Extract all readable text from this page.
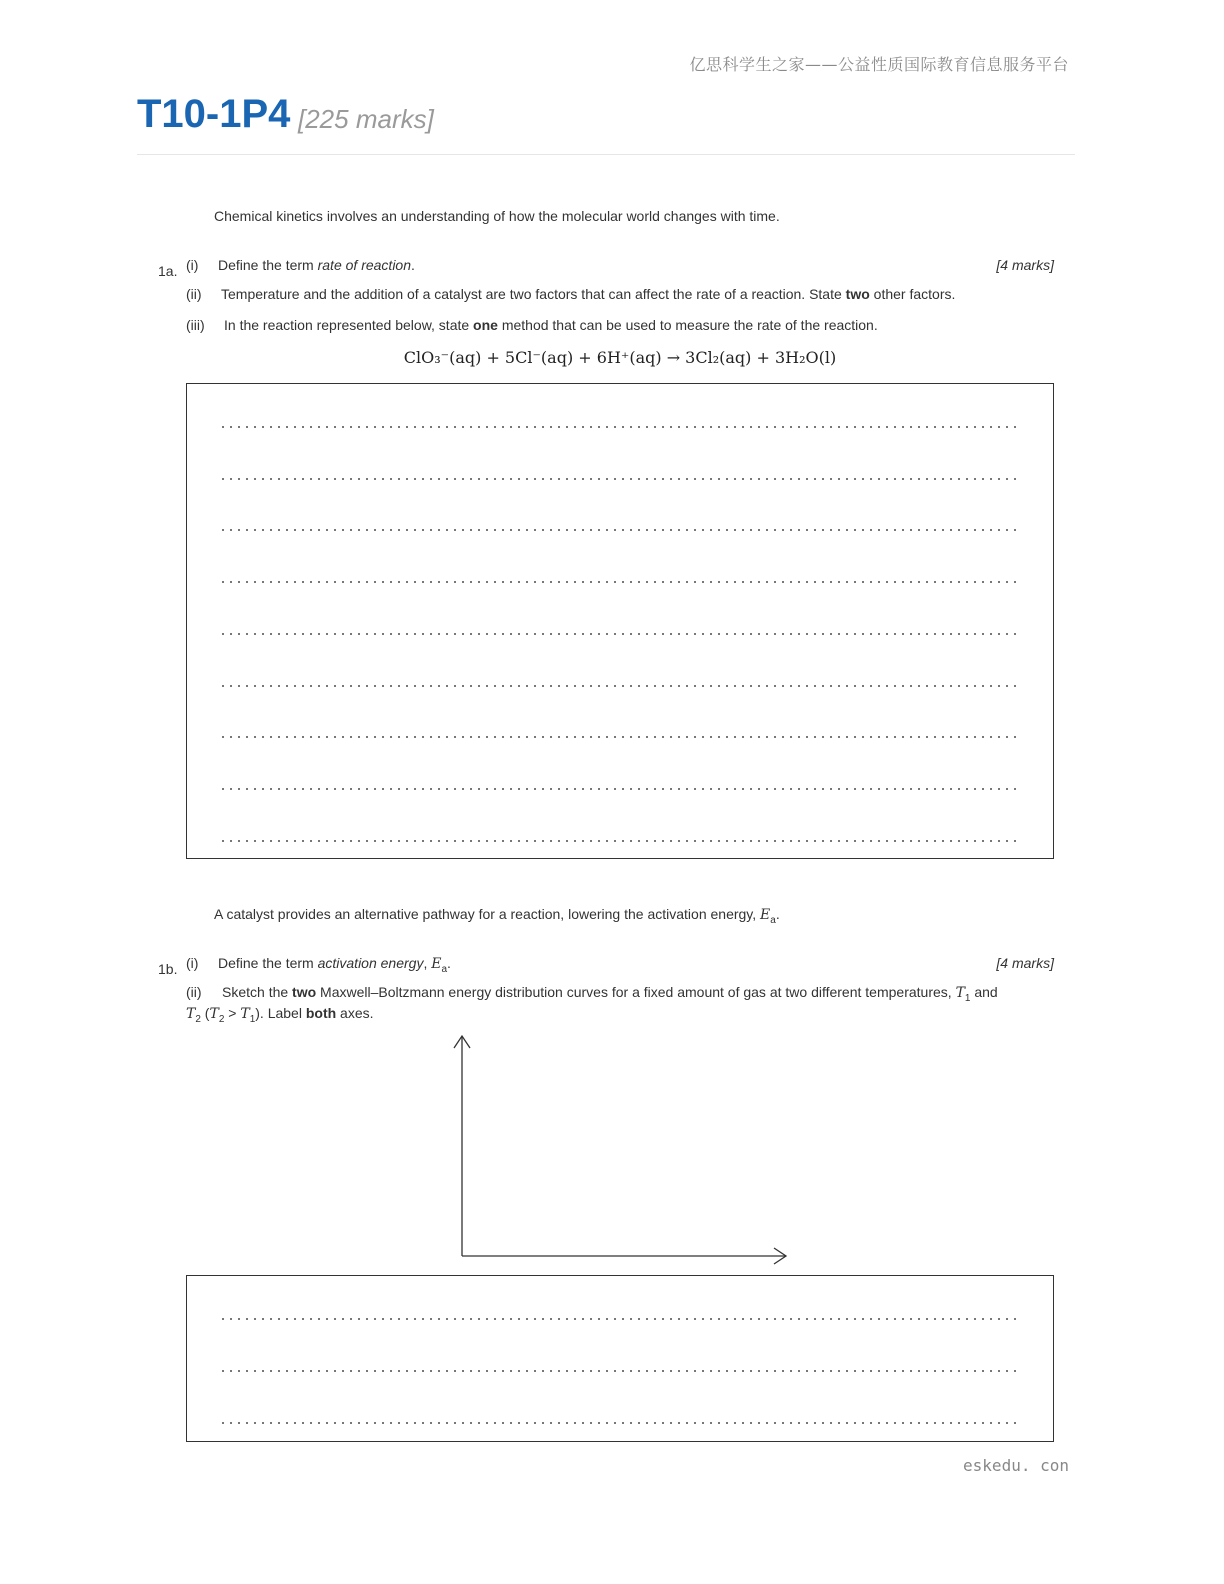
亿思科学生之家——公益性质国际教育信息服务平台
T10-1P4 [225 marks]
Chemical kinetics involves an understanding of how the molecular world changes with time.
1a.	[4 marks]
(i) Define the term rate of reaction.
(ii) Temperature and the addition of a catalyst are two factors that can affect the rate of a reaction. State two other factors.
(iii) In the reaction represented below, state one method that can be used to measure the rate of the reaction.
ClO₃⁻(aq) + 5Cl⁻(aq) + 6H⁺(aq) → 3Cl₂(aq) + 3H₂O(l)
A catalyst provides an alternative pathway for a reaction, lowering the activation energy, $E_a$.
1b.	[4 marks]
(i) Define the term activation energy, $E_a$.
(ii) Sketch the two Maxwell–Boltzmann energy distribution curves for a fixed amount of gas at two different temperatures, $T_1$ and
$T_2$ $(T_2 > T_1)$. Label both axes.
eskedu. con
